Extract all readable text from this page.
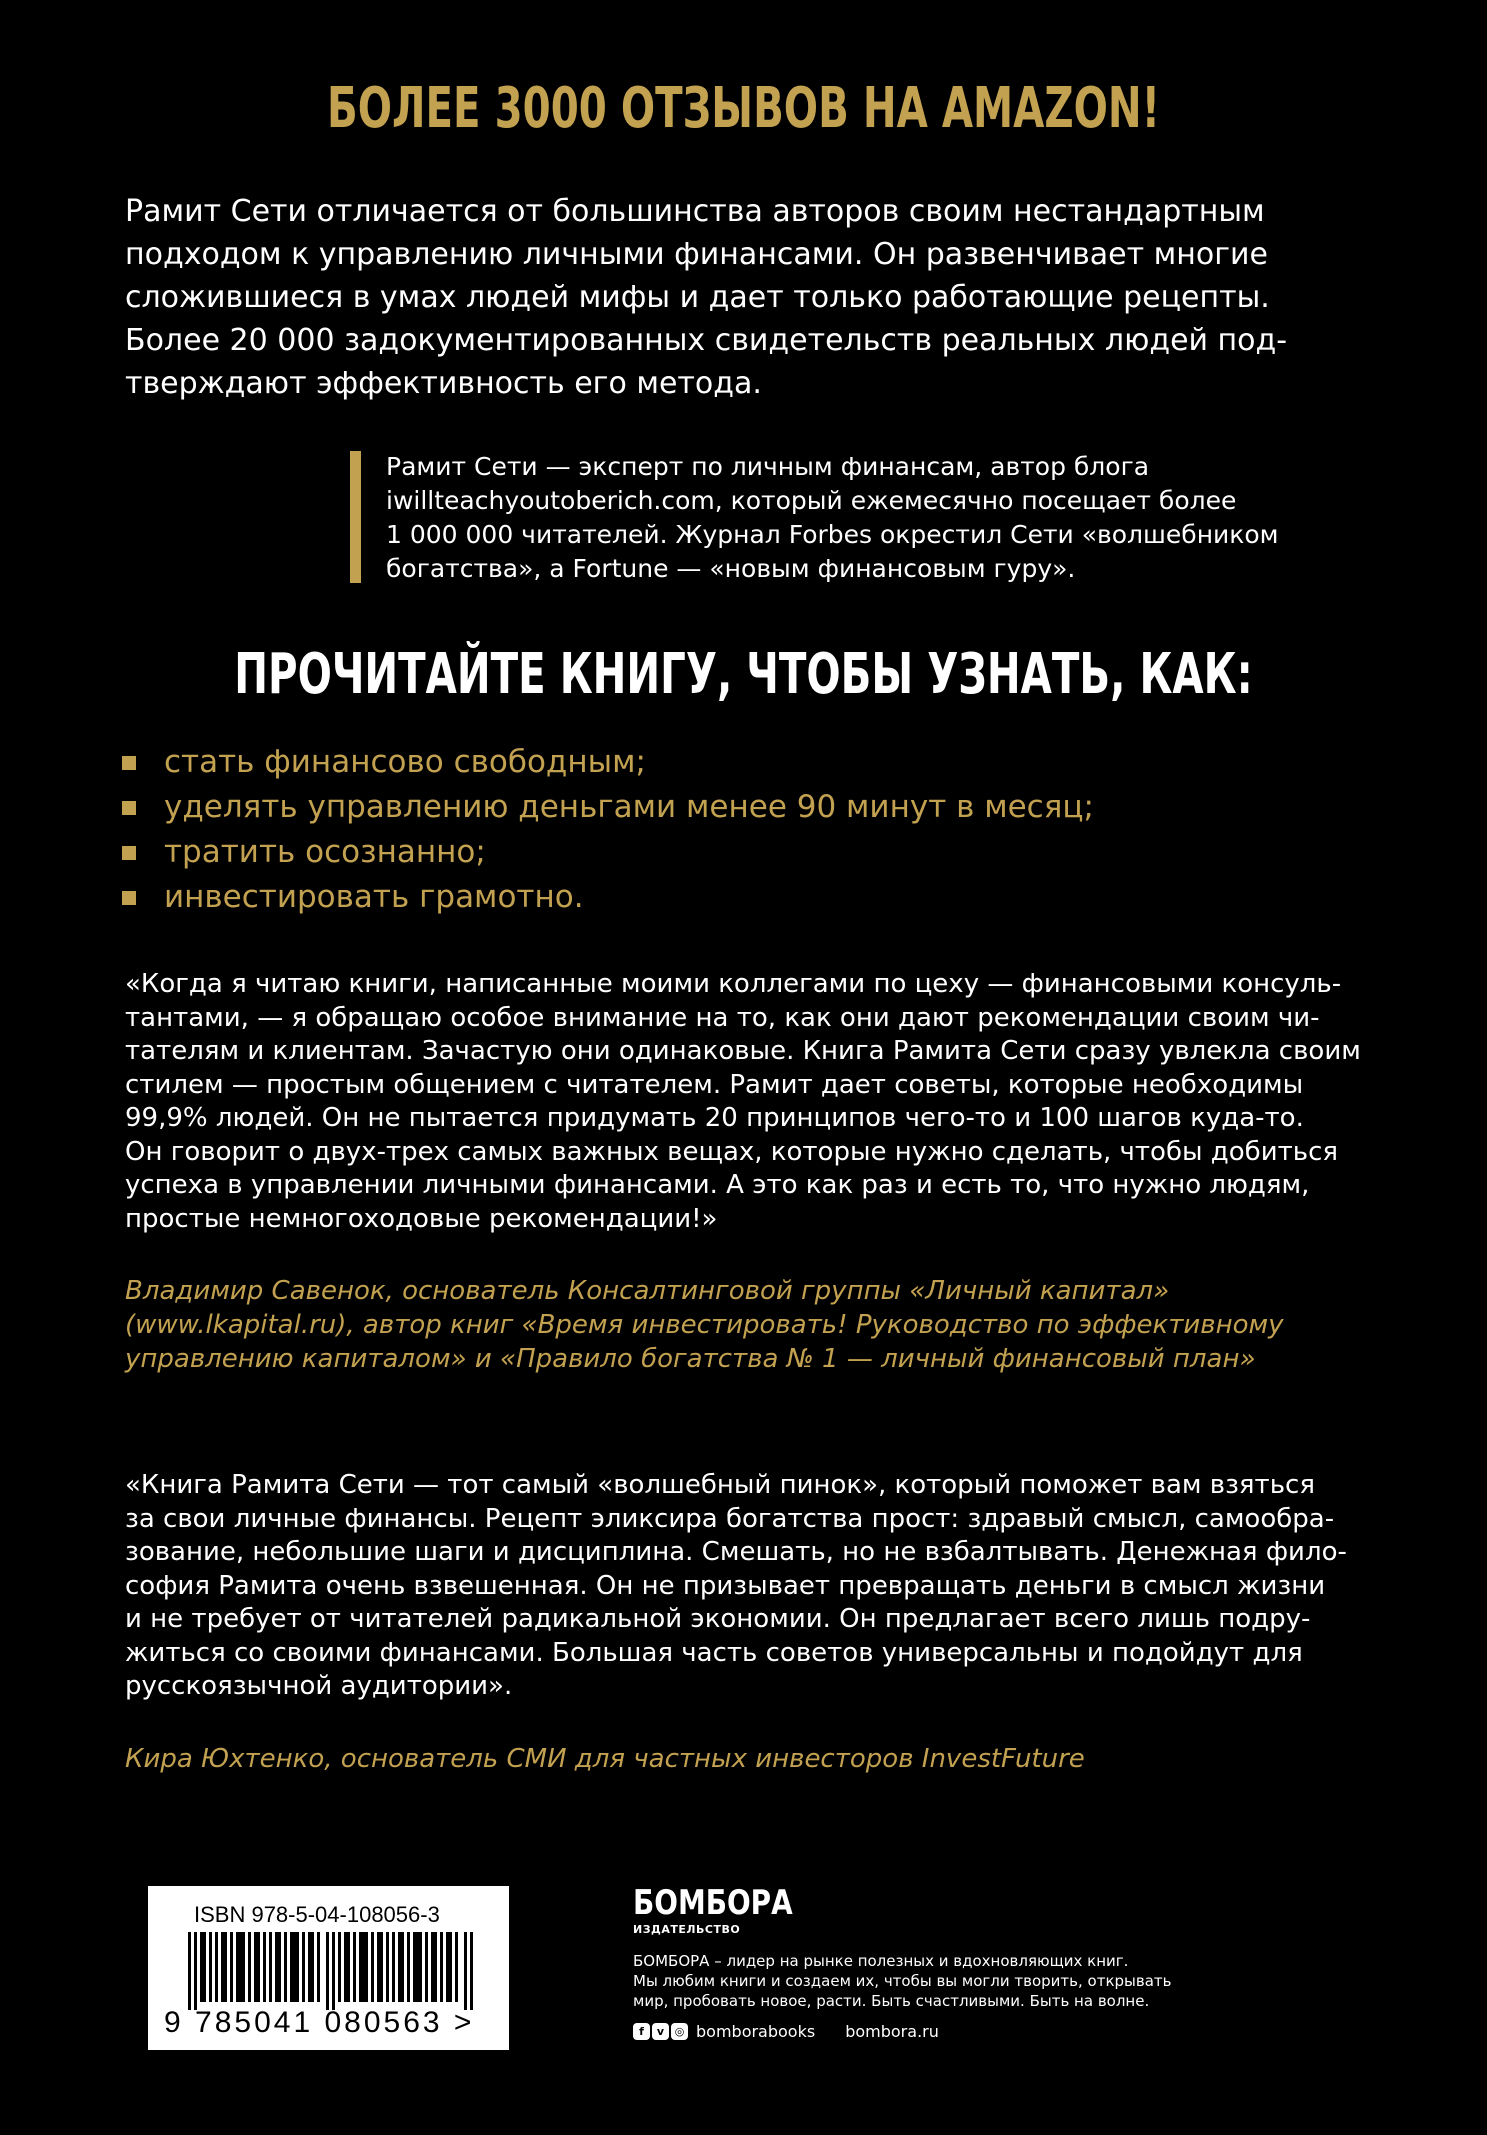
БОЛЕЕ 3000 ОТЗЫВОВ НА AMAZON!
Рамит Сети отличается от большинства авторов своим нестандартным
подходом к управлению личными финансами. Он развенчивает многие
сложившиеся в умах людей мифы и дает только работающие рецепты.
Более 20 000 задокументированных свидетельств реальных людей под-
тверждают эффективность его метода.
Рамит Сети — эксперт по личным финансам, автор блога
iwillteachyoutoberich.com, который ежемесячно посещает более
1 000 000 читателей. Журнал Forbes окрестил Сети «волшебником
богатства», а Fortune — «новым финансовым гуру».
ПРОЧИТАЙТЕ КНИГУ, ЧТОБЫ УЗНАТЬ, КАК:
стать финансово свободным;
уделять управлению деньгами менее 90 минут в месяц;
тратить осознанно;
инвестировать грамотно.
«Когда я читаю книги, написанные моими коллегами по цеху — финансовыми консуль-
тантами, — я обращаю особое внимание на то, как они дают рекомендации своим чи-
тателям и клиентам. Зачастую они одинаковые. Книга Рамита Сети сразу увлекла своим
стилем — простым общением с читателем. Рамит дает советы, которые необходимы
99,9% людей. Он не пытается придумать 20 принципов чего-то и 100 шагов куда-то.
Он говорит о двух-трех самых важных вещах, которые нужно сделать, чтобы добиться
успеха в управлении личными финансами. А это как раз и есть то, что нужно людям,
простые немногоходовые рекомендации!»
Владимир Савенок, основатель Консалтинговой группы «Личный капитал»
(www.lkapital.ru), автор книг «Время инвестировать! Руководство по эффективному
управлению капиталом» и «Правило богатства № 1 — личный финансовый план»
«Книга Рамита Сети — тот самый «волшебный пинок», который поможет вам взяться
за свои личные финансы. Рецепт эликсира богатства прост: здравый смысл, самообра-
зование, небольшие шаги и дисциплина. Смешать, но не взбалтывать. Денежная фило-
софия Рамита очень взвешенная. Он не призывает превращать деньги в смысл жизни
и не требует от читателей радикальной экономии. Он предлагает всего лишь подру-
житься со своими финансами. Большая часть советов универсальны и подойдут для
русскоязычной аудитории».
Кира Юхтенко, основатель СМИ для частных инвесторов InvestFuture
ISBN 978-5-04-108056-3
9 785041 080563 >
БОМБОРА
ИЗДАТЕЛЬСТВО
БОМБОРА – лидер на рынке полезных и вдохновляющих книг.
Мы любим книги и создаем их, чтобы вы могли творить, открывать
мир, пробовать новое, расти. Быть счастливыми. Быть на волне.
f	v ◎ bomborabooks bombora.ru
